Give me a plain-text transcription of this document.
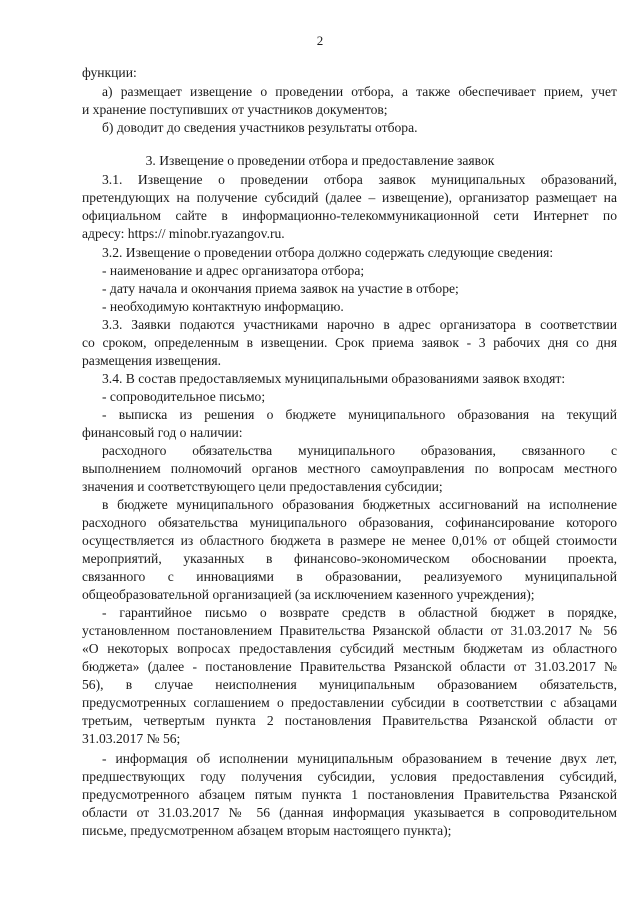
2
функции:
а) размещает извещение о проведении отбора, а также обеспечивает прием, учет
и хранение поступивших от участников документов;
б) доводит до сведения участников результаты отбора.
3. Извещение о проведении отбора и предоставление заявок
3.1. Извещение о проведении отбора заявок муниципальных образований,
претендующих на получение субсидий (далее – извещение), организатор размещает на
официальном сайте в информационно-телекоммуникационной сети Интернет по
адресу: https:// minobr.ryazangov.ru.
3.2. Извещение о проведении отбора должно содержать следующие сведения:
- наименование и адрес организатора отбора;
- дату начала и окончания приема заявок на участие в отборе;
- необходимую контактную информацию.
3.3. Заявки подаются участниками нарочно в адрес организатора в соответствии
со сроком, определенным в извещении. Срок приема заявок - 3 рабочих дня со дня
размещения извещения.
3.4. В состав предоставляемых муниципальными образованиями заявок входят:
- сопроводительное письмо;
- выписка из решения о бюджете муниципального образования на текущий
финансовый год о наличии:
расходного обязательства муниципального образования, связанного с
выполнением полномочий органов местного самоуправления по вопросам местного
значения и соответствующего цели предоставления субсидии;
в бюджете муниципального образования бюджетных ассигнований на исполнение
расходного обязательства муниципального образования, софинансирование которого
осуществляется из областного бюджета в размере не менее 0,01% от общей стоимости
мероприятий, указанных в финансово-экономическом обосновании проекта,
связанного с инновациями в образовании, реализуемого муниципальной
общеобразовательной организацией (за исключением казенного учреждения);
- гарантийное письмо о возврате средств в областной бюджет в порядке,
установленном постановлением Правительства Рязанской области от 31.03.2017 № 56
«О некоторых вопросах предоставления субсидий местным бюджетам из областного
бюджета» (далее - постановление Правительства Рязанской области от 31.03.2017 №
56), в случае неисполнения муниципальным образованием обязательств,
предусмотренных соглашением о предоставлении субсидии в соответствии с абзацами
третьим, четвертым пункта 2 постановления Правительства Рязанской области от
31.03.2017 № 56;
- информация об исполнении муниципальным образованием в течение двух лет,
предшествующих году получения субсидии, условия предоставления субсидий,
предусмотренного абзацем пятым пункта 1 постановления Правительства Рязанской
области от 31.03.2017 № 56 (данная информация указывается в сопроводительном
письме, предусмотренном абзацем вторым настоящего пункта);
